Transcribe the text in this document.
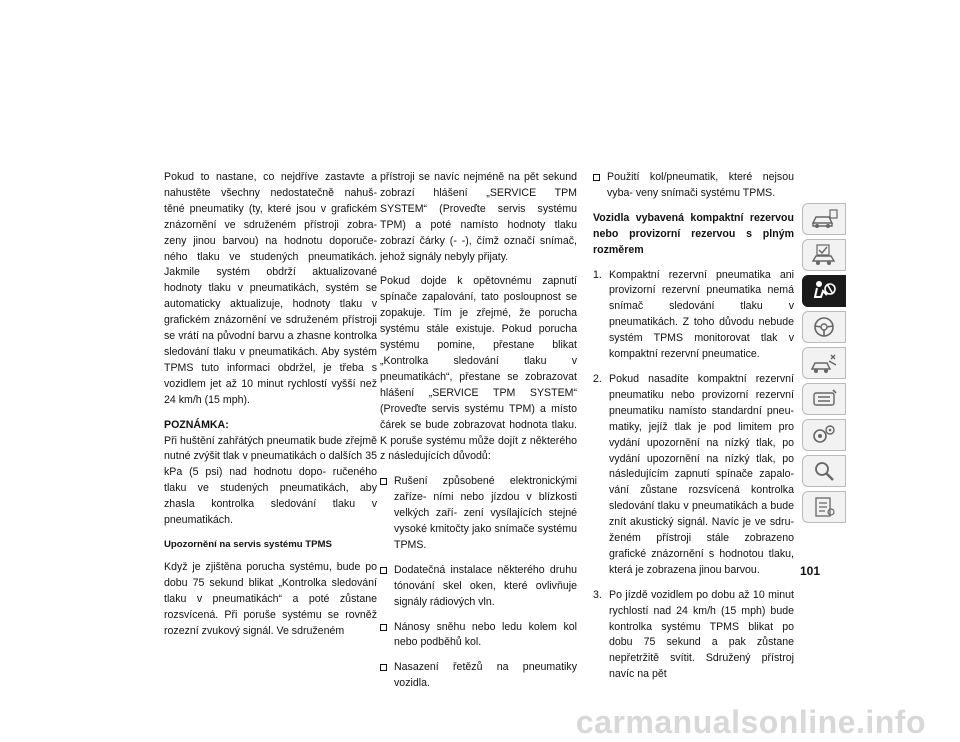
Pokud to nastane, co nejdříve zastavte a nahustěte všechny nedostatečně nahuš- těné pneumatiky (ty, které jsou v grafickém znázornění ve sdruženém přístroji zobra- zeny jinou barvou) na hodnotu doporuče- ného tlaku ve studených pneumatikách. Jakmile systém obdrží aktualizované hodnoty tlaku v pneumatikách, systém se automaticky aktualizuje, hodnoty tlaku v grafickém znázornění ve sdruženém přístroji se vrátí na původní barvu a zhasne kontrolka sledování tlaku v pneumatikách. Aby systém TPMS tuto informaci obdržel, je třeba s vozidlem jet až 10 minut rychlostí vyšší než 24 km/h (15 mph).

POZNÁMKA:

Při huštění zahřátých pneumatik bude zřejmě nutné zvýšit tlak v pneumatikách o dalších 35 kPa (5 psi) nad hodnotu dopo- ručeného tlaku ve studených pneumatikách, aby zhasla kontrolka sledování tlaku v pneumatikách.

Upozornění na servis systému TPMS

Když je zjištěna porucha systému, bude po dobu 75 sekund blikat „Kontrolka sledování tlaku v pneumatikách“ a poté zůstane rozsvícená. Při poruše systému se rovněž rozezní zvukový signál. Ve sdruženém

přístroji se navíc nejméně na pět sekund zobrazí hlášení „SERVICE TPM SYSTEM“ (Proveďte servis systému TPM) a poté namísto hodnoty tlaku zobrazí čárky (- -), čímž označí snímač, jehož signály nebyly přijaty.

Pokud dojde k opětovnému zapnutí spínače zapalování, tato posloupnost se zopakuje. Tím je zřejmé, že porucha systému stále existuje. Pokud porucha systému pomine, přestane blikat „Kontrolka sledování tlaku v pneumatikách“, přestane se zobrazovat hlášení „SERVICE TPM SYSTEM“ (Proveďte servis systému TPM) a místo čárek se bude zobrazovat hodnota tlaku. K poruše systému může dojít z některého z následujících důvodů:

Rušení způsobené elektronickými zaříze- ními nebo jízdou v blízkosti velkých zaří- zení vysílajících stejné vysoké kmitočty jako snímače systému TPMS.
Dodatečná instalace některého druhu tónování skel oken, které ovlivňuje signály rádiových vln.
Nánosy sněhu nebo ledu kolem kol nebo podběhů kol.
Nasazení řetězů na pneumatiky vozidla.
Použití kol/pneumatik, které nejsou vyba- veny snímači systému TPMS.
Vozidla vybavená kompaktní rezervou nebo provizorní rezervou s plným rozměrem
1. Kompaktní rezervní pneumatika ani provizorní rezervní pneumatika nemá snímač sledování tlaku v pneumatikách. Z toho důvodu nebude systém TPMS monitorovat tlak v kompaktní rezervní pneumatice.
2. Pokud nasadíte kompaktní rezervní pneumatiku nebo provizorní rezervní pneumatiku namísto standardní pneu- matiky, jejíž tlak je pod limitem pro vydání upozornění na nízký tlak, po vydání upozornění na nízký tlak, po následujícím zapnutí spínače zapalo- vání zůstane rozsvícená kontrolka sledování tlaku v pneumatikách a bude znít akustický signál. Navíc je ve sdru- ženém přístroji stále zobrazeno grafické znázornění s hodnotou tlaku, která je zobrazena jinou barvou.
3. Po jízdě vozidlem po dobu až 10 minut rychlostí nad 24 km/h (15 mph) bude kontrolka systému TPMS blikat po dobu 75 sekund a pak zůstane nepřetržitě svítit. Sdružený přístroj navíc na pět
101
carmanualsonline.info
